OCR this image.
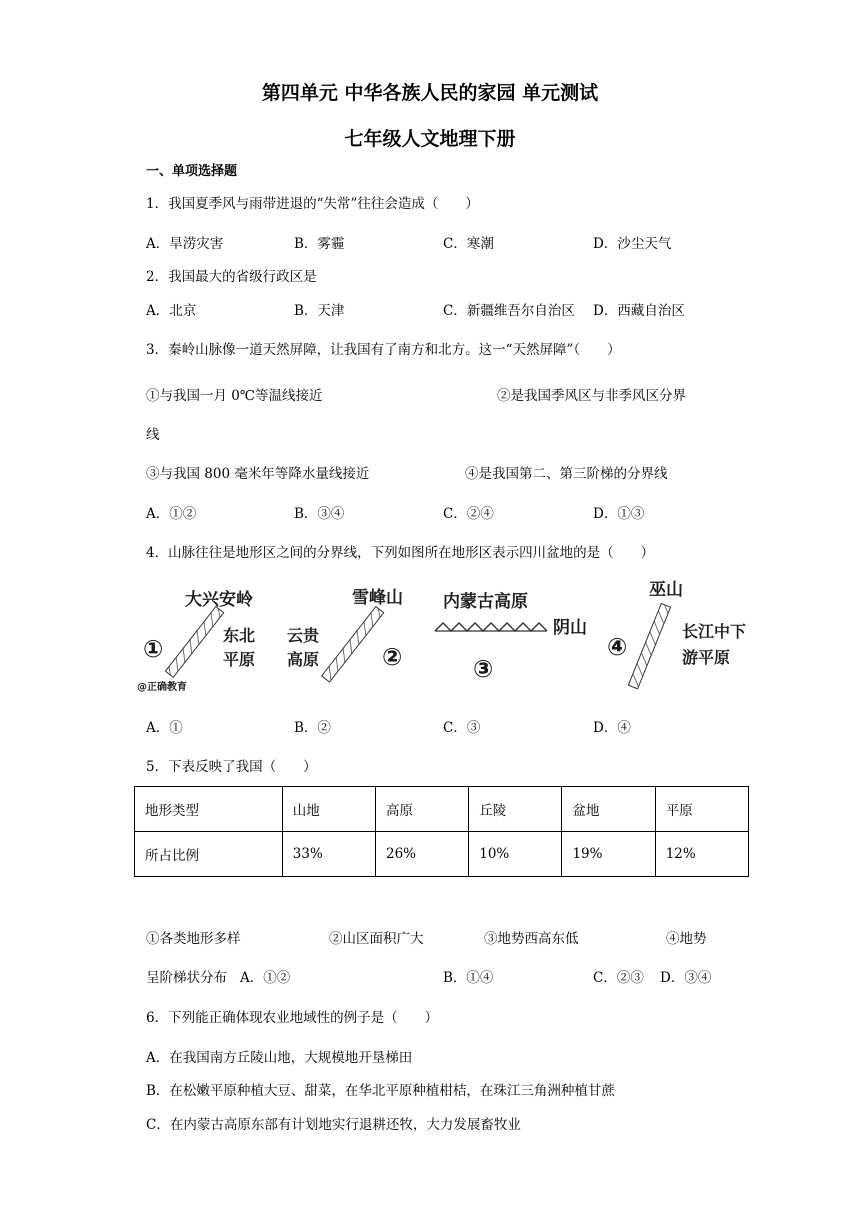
第四单元 中华各族人民的家园 单元测试
七年级人文地理下册
一、单项选择题
1．我国夏季风与雨带进退的“失常”往往会造成（　　）
A．旱涝灾害	B．雾霾	C．寒潮	D．沙尘天气
2．我国最大的省级行政区是
A．北京	B．天津	C．新疆维吾尔自治区 D．西藏自治区
3．秦岭山脉像一道天然屏障，让我国有了南方和北方。这一“天然屏障”（　　）
①与我国一月 0℃等温线接近	②是我国季风区与非季风区分界
线
③与我国 800 毫米年等降水量线接近	④是我国第二、第三阶梯的分界线
A．①②	B．③④	C．②④	D．①③
4．山脉往往是地形区之间的分界线，下列如图所在地形区表示四川盆地的是（　　）
①
大兴安岭
东北
平原
@正确教育
雪峰山
云贵
高原	②
内蒙古高原
阴山
③
④
巫山
长江中下
游平原
A．①	B．②	C．③	D．④
5．下表反映了我国（　　）
地形类型	山地	高原	丘陵	盆地	平原
所占比例	33%	26%	10%	19%	12%
①各类地形多样	②山区面积广大	③地势西高东低	④地势
呈阶梯状分布 A．①②	B．①④	C．②③ D．③④
6．下列能正确体现农业地域性的例子是（　　）
A．在我国南方丘陵山地，大规模地开垦梯田
B．在松嫩平原种植大豆、甜菜，在华北平原种植柑桔，在珠江三角洲种植甘蔗
C．在内蒙古高原东部有计划地实行退耕还牧，大力发展畜牧业
